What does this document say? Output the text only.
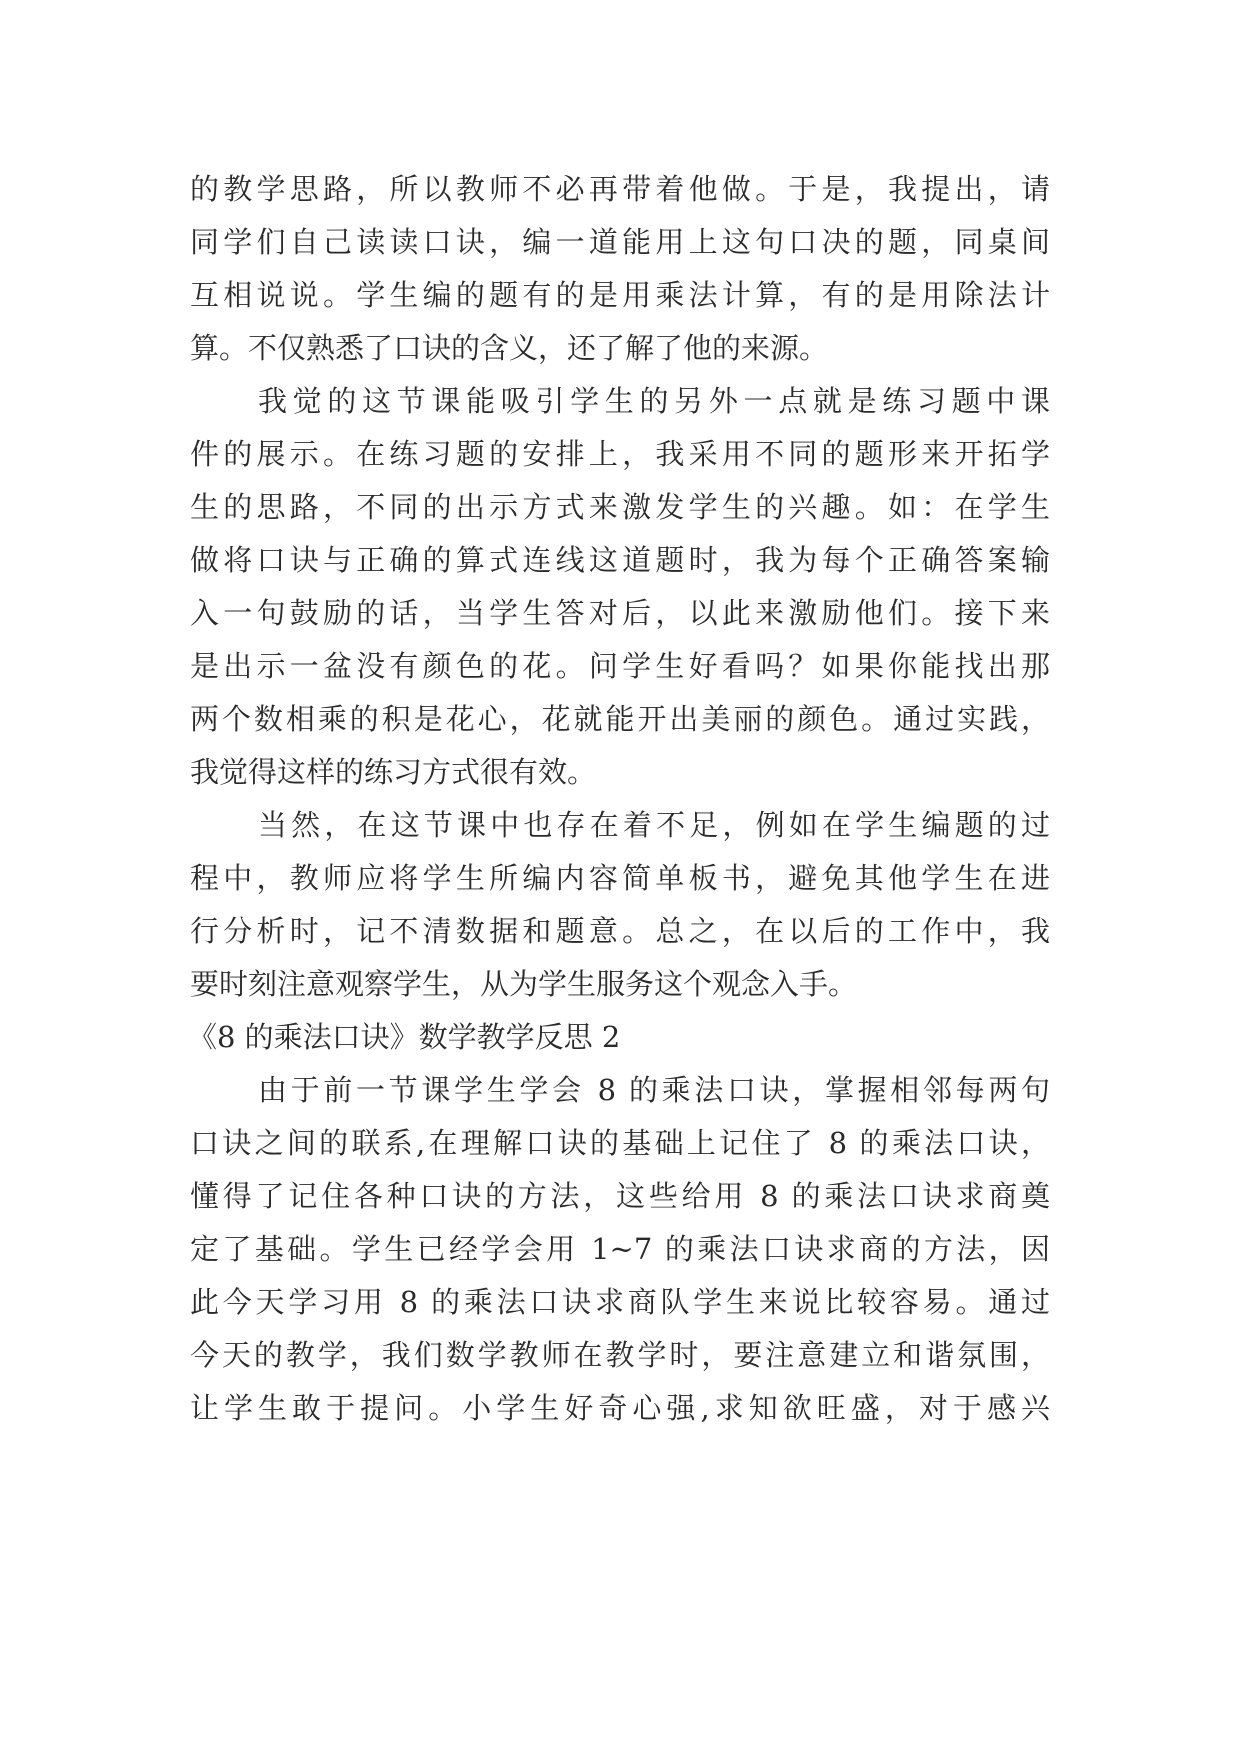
的教学思路，所以教师不必再带着他做。于是，我提出，请
同学们自己读读口诀，编一道能用上这句口决的题，同桌间
互相说说。学生编的题有的是用乘法计算，有的是用除法计
算。不仅熟悉了口诀的含义，还了解了他的来源。
我觉的这节课能吸引学生的另外一点就是练习题中课
件的展示。在练习题的安排上，我采用不同的题形来开拓学
生的思路，不同的出示方式来激发学生的兴趣。如：在学生
做将口诀与正确的算式连线这道题时，我为每个正确答案输
入一句鼓励的话，当学生答对后，以此来激励他们。接下来
是出示一盆没有颜色的花。问学生好看吗？如果你能找出那
两个数相乘的积是花心，花就能开出美丽的颜色。通过实践，
我觉得这样的练习方式很有效。
当然，在这节课中也存在着不足，例如在学生编题的过
程中，教师应将学生所编内容简单板书，避免其他学生在进
行分析时，记不清数据和题意。总之，在以后的工作中，我
要时刻注意观察学生，从为学生服务这个观念入手。
《8 的乘法口诀》数学教学反思 2
由于前一节课学生学会 8 的乘法口诀，掌握相邻每两句
口诀之间的联系,在理解口诀的基础上记住了 8 的乘法口诀，
懂得了记住各种口诀的方法，这些给用 8 的乘法口诀求商奠
定了基础。学生已经学会用 1~7 的乘法口诀求商的方法，因
此今天学习用 8 的乘法口诀求商队学生来说比较容易。通过
今天的教学，我们数学教师在教学时，要注意建立和谐氛围，
让学生敢于提问。小学生好奇心强,求知欲旺盛，对于感兴
